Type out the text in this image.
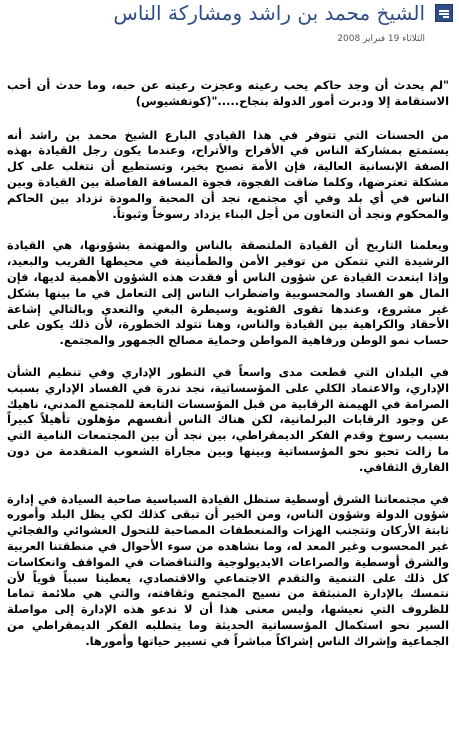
الشيخ محمد بن راشد ومشاركة الناس
الثلاثاء 19 فبراير 2008

"لم يحدث أن وجد حاكم يحب رعيته وعجزت رعيته عن حبه، وما حدث أن أحب الاستقامة إلا ودبرت أمور الدولة بنجاح....."(كونفشيوس)

من الحسنات التي تتوفر في هذا القيادي البارع الشيخ محمد بن راشد أنه يستمتع بمشاركة الناس في الأفراح والأتراح، وعندما يكون رجل القيادة بهذه الصفة الإنسانية العالية، فإن الأمة تصبح بخير، وتستطيع أن تتغلب على كل مشكلة تعترضها، وكلما ضاقت الفجوة، فجوة المسافة الفاصلة بين القيادة وبين الناس في أي بلد وفي أي مجتمع، نجد أن المحبة والمودة تزداد بين الحاكم والمحكوم ونجد أن التعاون من أجل البناء يزداد رسوخاً وثبوتاً.

ويعلمنا التاريخ أن القيادة الملتصقة بالناس والمهتمة بشؤونها، هي القيادة الرشيدة التي تتمكن من توفير الأمن والطمأنينة في محيطها القريب والبعيد، وإذا ابتعدت القيادة عن شؤون الناس أو فقدت هذه الشؤون الأهمية لديها، فإن المال هو الفساد والمحسوبية واضطراب الناس إلى التعامل في ما بينها بشكل غير مشروع، وعندها تقوى الفئوية وسيطرة البغي والتعدي وبالتالي إشاعة الأحقاد والكراهية بين القيادة والناس، وهنا تتولد الخطورة، لأن ذلك يكون على حساب نمو الوطن ورفاهية المواطن وحماية مصالح الجمهور والمجتمع.

في البلدان التي قطعت مدى واسعاً في التطور الإداري وفي تنظيم الشأن الإداري، والاعتماد الكلي على المؤسساتية، نجد ندرة في الفساد الإداري بسبب الصرامة في الهيمنة الرقابية من قبل المؤسسات التابعة للمجتمع المدني، ناهيك عن وجود الرقابات البرلمانية، لكن هناك الناس أنفسهم مؤهلون تأهيلاً كبيراً بسبب رسوخ وقدم الفكر الديمقراطي، بين نجد أن بين المجتمعات النامية التي ما زالت تحبو نحو المؤسساتية وبينها وبين مجاراة الشعوب المتقدمة من دون الفارق الثقافي.

في مجتمعاتنا الشرق أوسطية ستظل القيادة السياسية صاحبة السيادة في إدارة شؤون الدولة وشؤون الناس، ومن الخير أن تبقى كذلك لكي يظل البلد وأموره ثابتة الأركان وتتجنب الهزات والمنعطفات المصاحبة للتحول العشوائي والفجائي غير المحسوب وغير المعد له، وما نشاهده من سوء الأحوال في منطقتنا العربية والشرق أوسطية والصراعات الايديولوجية والتناقضات في المواقف وانعكاسات كل ذلك على التنمية والتقدم الاجتماعي والاقتصادي، يعطينا سبباً قوياً لأن نتمسك بالإدارة المنبثقة من نسيج المجتمع وثقافته، والتي هي ملائمة تماما للظروف التي نعيشها، وليس معنى هذا أن لا ندعو هذه الإدارة إلى مواصلة السير نحو استكمال المؤسساتية الحديثة وما يتطلبه الفكر الديمقراطي من الجماعية وإشراك الناس إشراكاً مباشراً في تسيير حياتها وأمورها.
